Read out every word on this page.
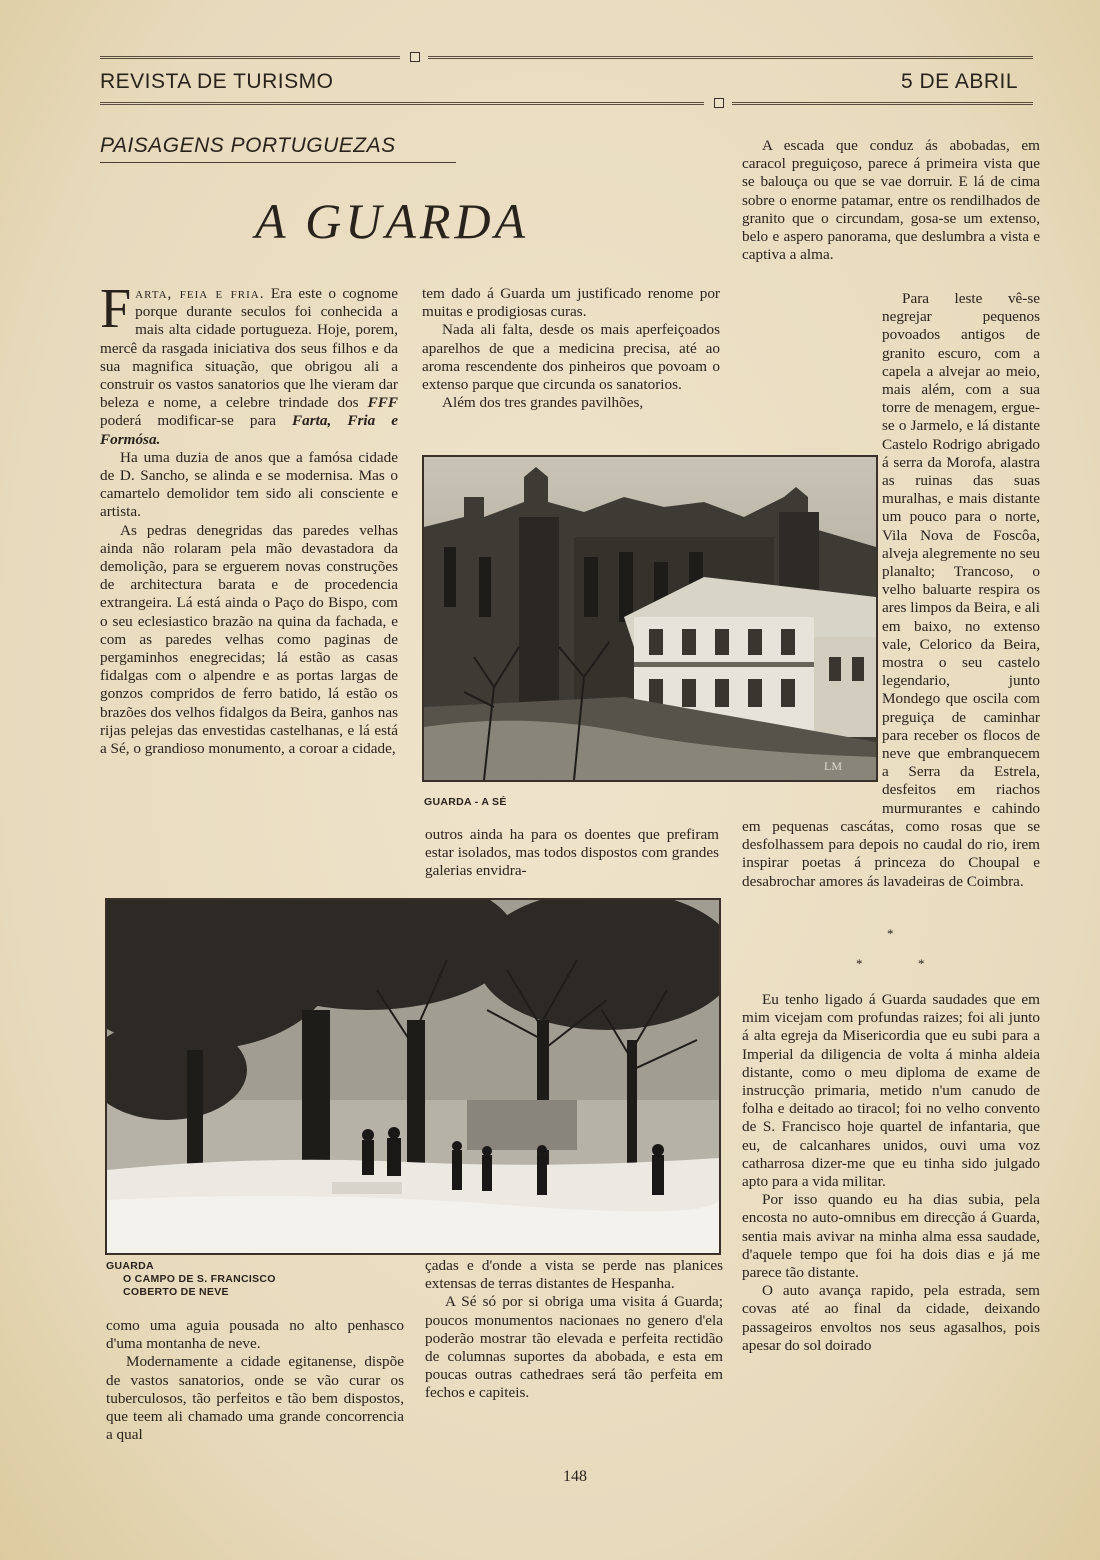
REVISTA DE TURISMO	5 DE ABRIL
PAISAGENS PORTUGUEZAS
A GUARDA

Farta, feia e fria. Era este o cognome porque durante seculos foi conhecida a mais alta cidade portugueza. Hoje, porem, mercê da rasgada iniciativa dos seus filhos e da sua magnifica situação, que obrigou ali a construir os vastos sanatorios que lhe vieram dar beleza e nome, a celebre trindade dos FFF poderá modificar-se para Farta, Fria e Formósa.

Ha uma duzia de anos que a famósa cidade de D. Sancho, se alinda e se modernisa. Mas o camartelo demolidor tem sido ali consciente e artista.

As pedras denegridas das paredes velhas ainda não rolaram pela mão devastadora da demolição, para se erguerem novas construções de architectura barata e de procedencia extrangeira. Lá está ainda o Paço do Bispo, com o seu eclesiastico brazão na quina da fachada, e com as paredes velhas como paginas de pergaminhos enegrecidas; lá estão as casas fidalgas com o alpendre e as portas largas de gonzos compridos de ferro batido, lá estão os brazões dos velhos fidalgos da Beira, ganhos nas rijas pelejas das envestidas castelhanas, e lá está a Sé, o grandioso monumento, a coroar a cidade,

tem dado á Guarda um justificado renome por muitas e prodigiosas curas.

Nada ali falta, desde os mais aperfeiçoados aparelhos de que a medicina precisa, até ao aroma rescendente dos pinheiros que povoam o extenso parque que circunda os sanatorios.

Além dos tres grandes pavilhões,

LM
GUARDA - A SÉ

A escada que conduz ás abobadas, em caracol preguiçoso, parece á primeira vista que se balouça ou que se vae dorruir. E lá de cima sobre o enorme patamar, entre os rendilhados de granito que o circundam, gosa-se um extenso, belo e aspero panorama, que deslumbra a vista e captiva a alma.

Para leste vê-se negrejar pequenos povoados antigos de granito escuro, com a capela a alvejar ao meio, mais além, com a sua torre de menagem, ergue-se o Jarmelo, e lá distante Castelo Rodrigo abrigado á serra da Morofa, alastra as ruinas das suas muralhas, e mais distante um pouco para o norte, Vila Nova de Foscôa, alveja alegremente no seu planalto; Trancoso, o velho baluarte respira os ares limpos da Beira, e ali em baixo, no extenso vale, Celorico da Beira, mostra o seu castelo legendario, junto Mondego que oscila com preguiça de caminhar para receber os flocos de neve que embranquecem a Serra da Estrela, desfeitos em riachos murmurantes e cahindo em pequenas cascátas, como rosas que se desfolhassem para depois no caudal do rio, irem inspirar poetas á princeza do Choupal e desabrochar amores ás lavadeiras de Coimbra.

*
*	*

Eu tenho ligado á Guarda saudades que em mim vicejam com profundas raizes; foi ali junto á alta egreja da Misericordia que eu subi para a Imperial da diligencia de volta á minha aldeia distante, como o meu diploma de exame de instrucção primaria, metido n'um canudo de folha e deitado ao tiracol; foi no velho convento de S. Francisco hoje quartel de infantaria, que eu, de calcanhares unidos, ouvi uma voz catharrosa dizer-me que eu tinha sido julgado apto para a vida militar.

Por isso quando eu ha dias subia, pela encosta no auto-omnibus em direcção á Guarda, sentia mais avivar na minha alma essa saudade, d'aquele tempo que foi ha dois dias e já me parece tão distante.

O auto avança rapido, pela estrada, sem covas até ao final da cidade, deixando passageiros envoltos nos seus agasalhos, pois apesar do sol doirado

GUARDA
O CAMPO DE S. FRANCISCO
COBERTO DE NEVE

como uma aguia pousada no alto penhasco d'uma montanha de neve.

Modernamente a cidade egitanense, dispõe de vastos sanatorios, onde se vão curar os tuberculosos, tão perfeitos e tão bem dispostos, que teem ali chamado uma grande concorrencia a qual

outros ainda ha para os doentes que prefiram estar isolados, mas todos dispostos com grandes galerias envidra-

çadas e d'onde a vista se perde nas planices extensas de terras distantes de Hespanha.

A Sé só por si obriga uma visita á Guarda; poucos monumentos nacionaes no genero d'ela poderão mostrar tão elevada e perfeita rectidão de columnas suportes da abobada, e esta em poucas outras cathedraes será tão perfeita em fechos e capiteis.

148
